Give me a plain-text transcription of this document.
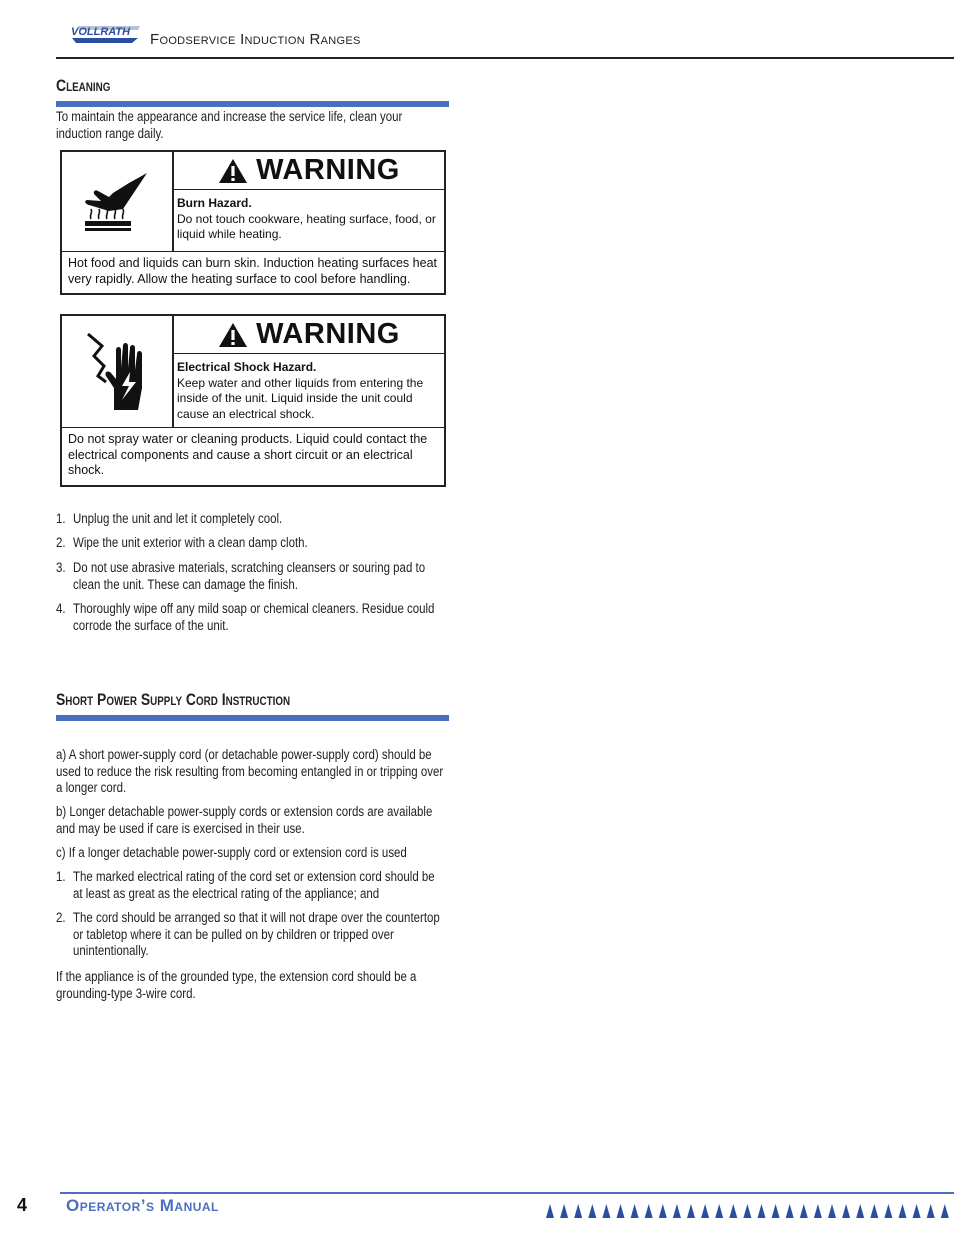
VOLLRATH Foodservice Induction Ranges
Cleaning
To maintain the appearance and increase the service life, clean your
induction range daily.
WARNING
Burn Hazard.
Do not touch cookware, heating surface, food, or liquid while heating.
Hot food and liquids can burn skin. Induction heating surfaces heat very rapidly. Allow the heating surface to cool before handling.
WARNING
Electrical Shock Hazard.
Keep water and other liquids from entering the inside of the unit. Liquid inside the unit could cause an electrical shock.
Do not spray water or cleaning products. Liquid could contact the electrical components and cause a short circuit or an electrical shock.
1. Unplug the unit and let it completely cool.
2. Wipe the unit exterior with a clean damp cloth.
3. Do not use abrasive materials, scratching cleansers or souring pad to clean the unit. These can damage the finish.
4. Thoroughly wipe off any mild soap or chemical cleaners. Residue could corrode the surface of the unit.
Short Power Supply Cord Instruction
a) A short power-supply cord (or detachable power-supply cord) should be used to reduce the risk resulting from becoming entangled in or tripping over a longer cord.
b) Longer detachable power-supply cords or extension cords are available and may be used if care is exercised in their use.
c) If a longer detachable power-supply cord or extension cord is used
1. The marked electrical rating of the cord set or extension cord should be at least as great as the electrical rating of the appliance; and
2. The cord should be arranged so that it will not drape over the countertop or tabletop where it can be pulled on by children or tripped over unintentionally.
If the appliance is of the grounded type, the extension cord should be a grounding-type 3-wire cord.
4 Operator’s Manual
